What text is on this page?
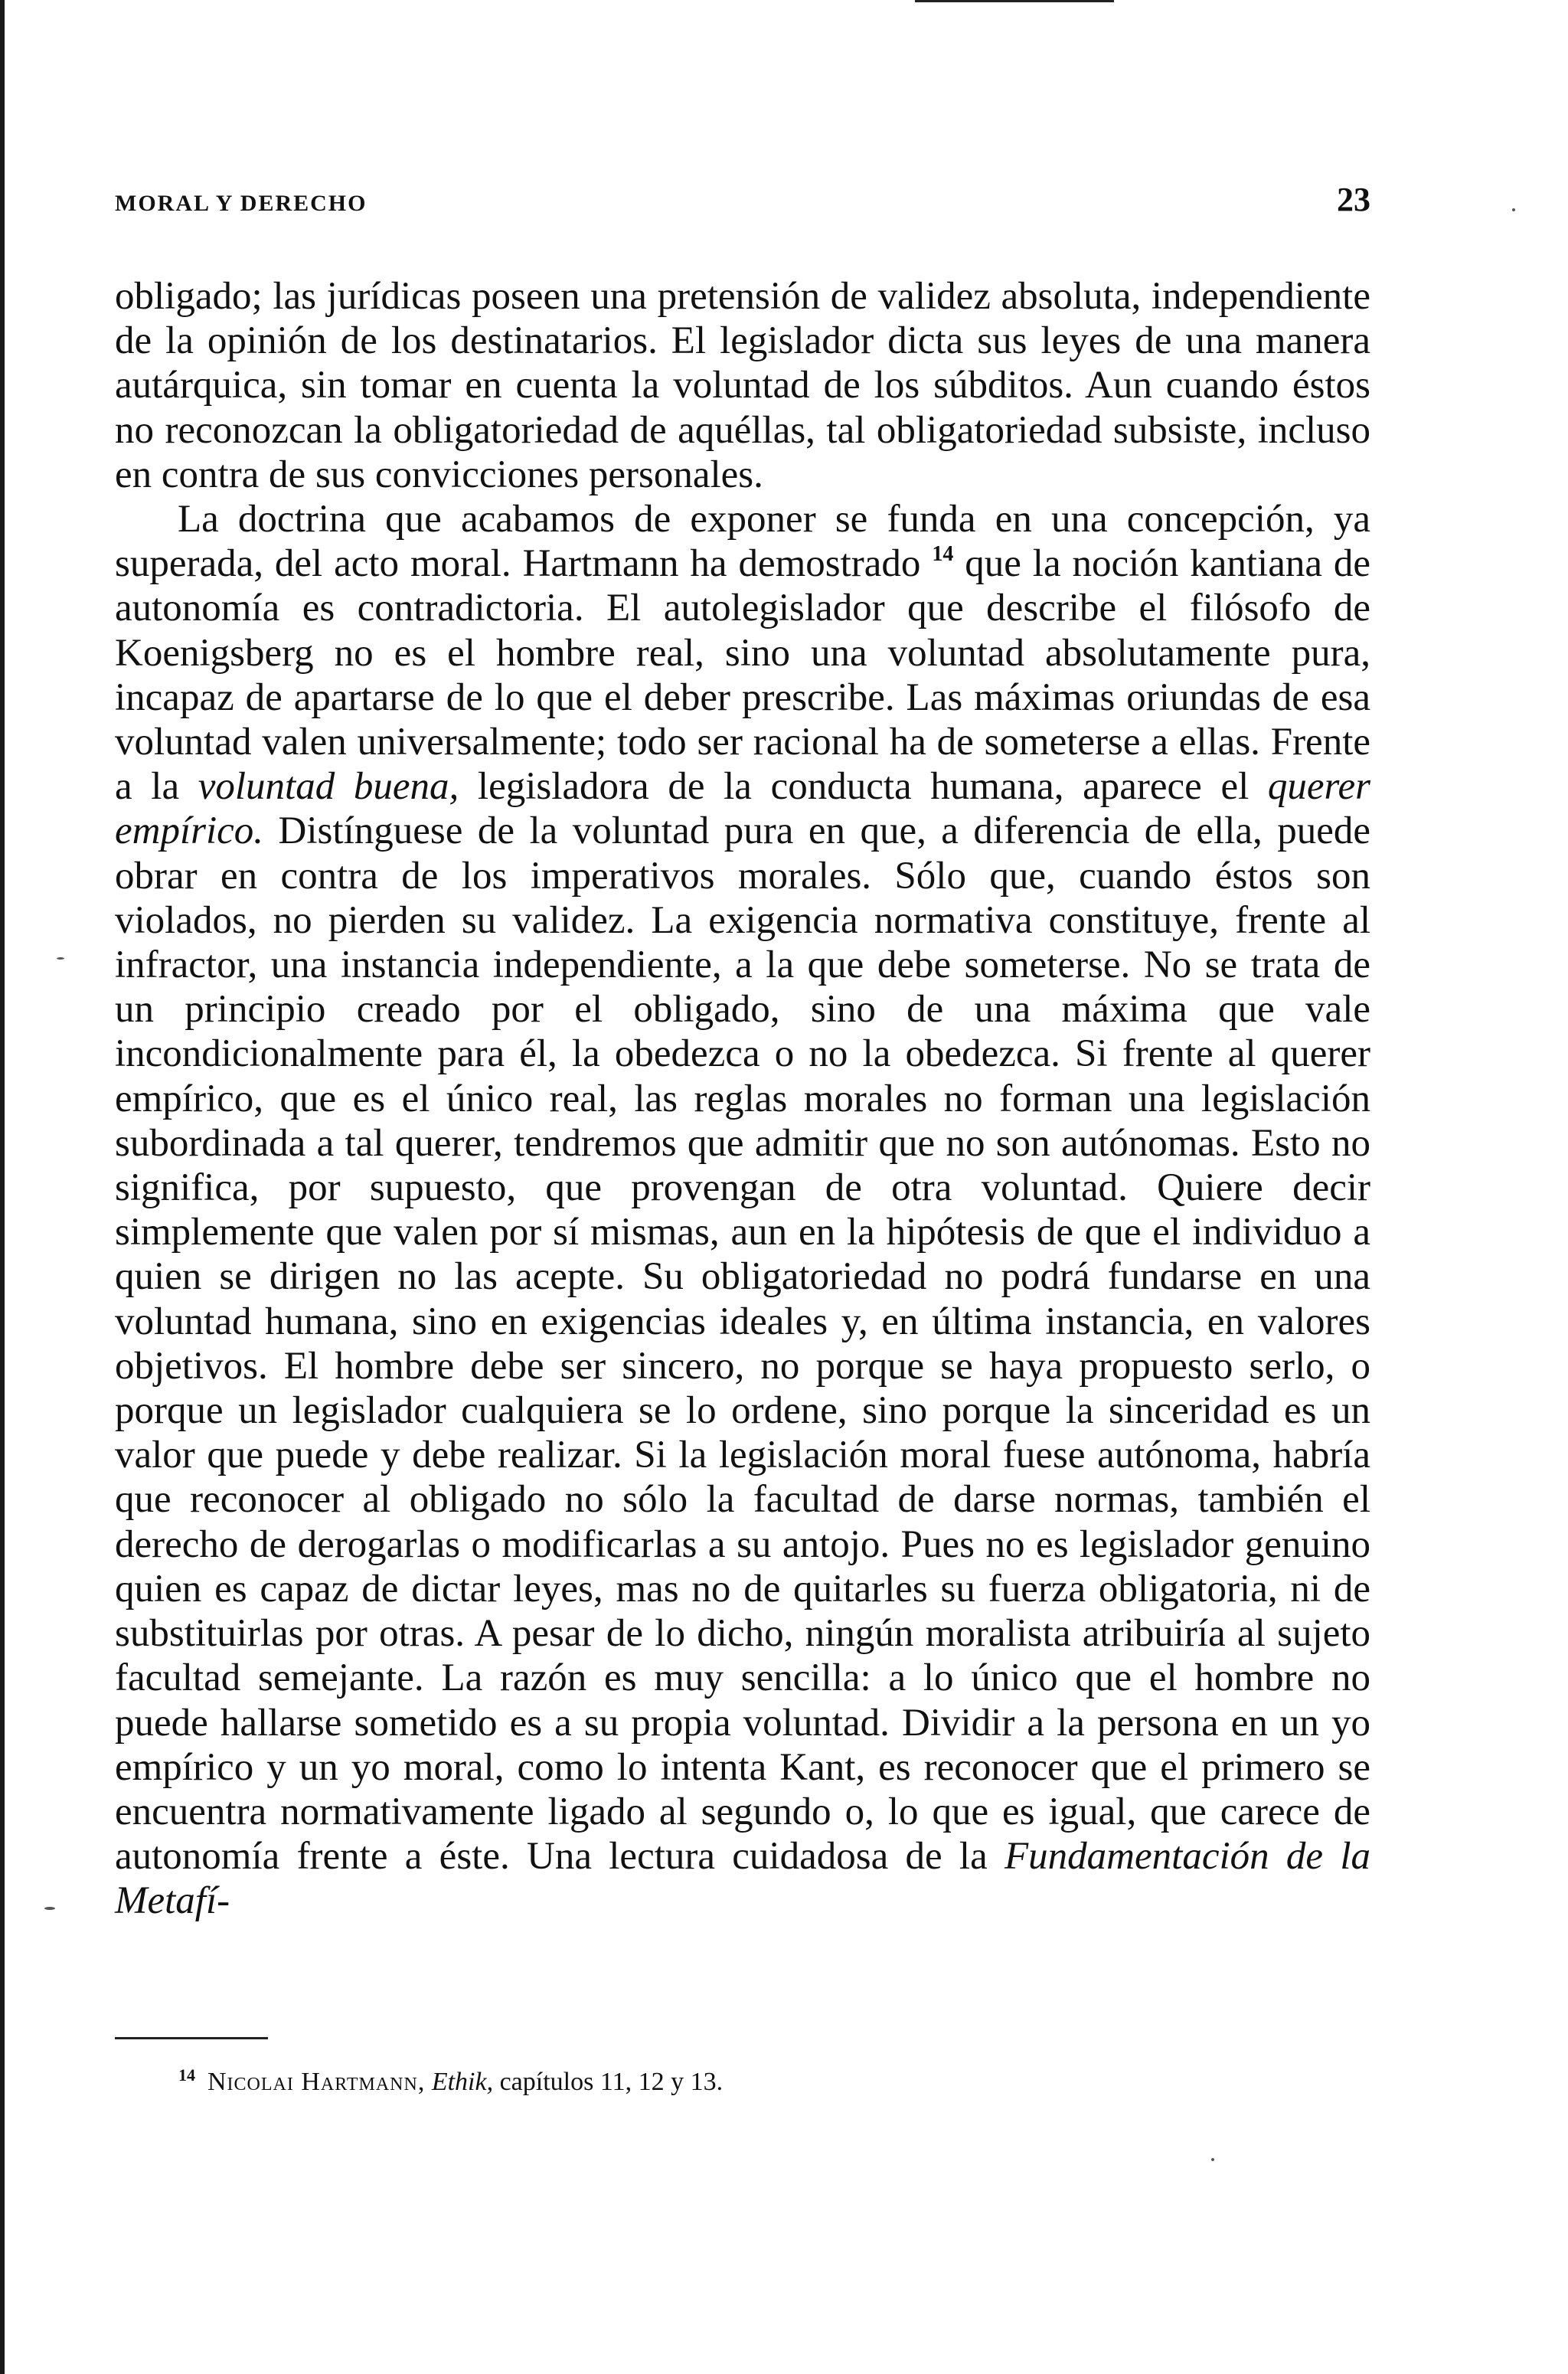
MORAL Y DERECHO	23

obligado; las jurídicas poseen una pretensión de validez absoluta, independiente de la opinión de los destinatarios. El legislador dicta sus leyes de una manera autárquica, sin tomar en cuenta la voluntad de los súbditos. Aun cuando éstos no reconozcan la obligatoriedad de aquéllas, tal obligatoriedad subsiste, incluso en contra de sus convicciones personales.

La doctrina que acabamos de exponer se funda en una concepción, ya superada, del acto moral. Hartmann ha demostrado $^{14}$ que la noción kantiana de autonomía es contradictoria. El autolegislador que describe el filósofo de Koenigsberg no es el hombre real, sino una voluntad absolutamente pura, incapaz de apartarse de lo que el deber prescribe. Las máximas oriundas de esa voluntad valen universalmente; todo ser racional ha de someterse a ellas. Frente a la voluntad buena, legisladora de la conducta humana, aparece el querer empírico. Distínguese de la voluntad pura en que, a diferencia de ella, puede obrar en contra de los imperativos morales. Sólo que, cuando éstos son violados, no pierden su validez. La exigencia normativa constituye, frente al infractor, una instancia independiente, a la que debe someterse. No se trata de un principio creado por el obligado, sino de una máxima que vale incondicionalmente para él, la obedezca o no la obedezca. Si frente al querer empírico, que es el único real, las reglas morales no forman una legislación subordinada a tal querer, tendremos que admitir que no son autónomas. Esto no significa, por supuesto, que provengan de otra voluntad. Quiere decir simplemente que valen por sí mismas, aun en la hipótesis de que el individuo a quien se dirigen no las acepte. Su obligatoriedad no podrá fundarse en una voluntad humana, sino en exigencias ideales y, en última instancia, en valores objetivos. El hombre debe ser sincero, no porque se haya propuesto serlo, o porque un legislador cualquiera se lo ordene, sino porque la sinceridad es un valor que puede y debe realizar. Si la legislación moral fuese autónoma, habría que reconocer al obligado no sólo la facultad de darse normas, también el derecho de derogarlas o modificarlas a su antojo. Pues no es legislador genuino quien es capaz de dictar leyes, mas no de quitarles su fuerza obligatoria, ni de substituirlas por otras. A pesar de lo dicho, ningún moralista atribuiría al sujeto facultad semejante. La razón es muy sencilla: a lo único que el hombre no puede hallarse sometido es a su propia voluntad. Dividir a la persona en un yo empírico y un yo moral, como lo intenta Kant, es reconocer que el primero se encuentra normativamente ligado al segundo o, lo que es igual, que carece de autonomía frente a éste. Una lectura cuidadosa de la Fundamentación de la Metafí-

$^{14}$ Nicolai Hartmann, Ethik, capítulos 11, 12 y 13.
